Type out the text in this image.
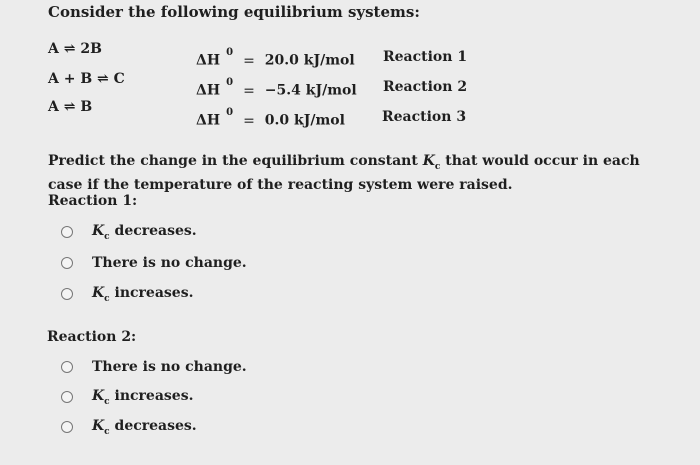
Consider the following equilibrium systems:
A ⇌ 2B
A + B ⇌ C
A ⇌ B
$\Delta H^0= 20.0$ kJ/mol
$\Delta H^0= -5.4$ kJ/mol
$\Delta H^0= 0.0$ kJ/mol
Reaction 1
Reaction 2
Reaction 3
Predict the change in the equilibrium constant $K_c$ that would occur in each case if the temperature of the reacting system were raised.
Reaction 1:
$K_c$ decreases.
There is no change.
$K_c$ increases.
Reaction 2:
There is no change.
$K_c$ increases.
$K_c$ decreases.
